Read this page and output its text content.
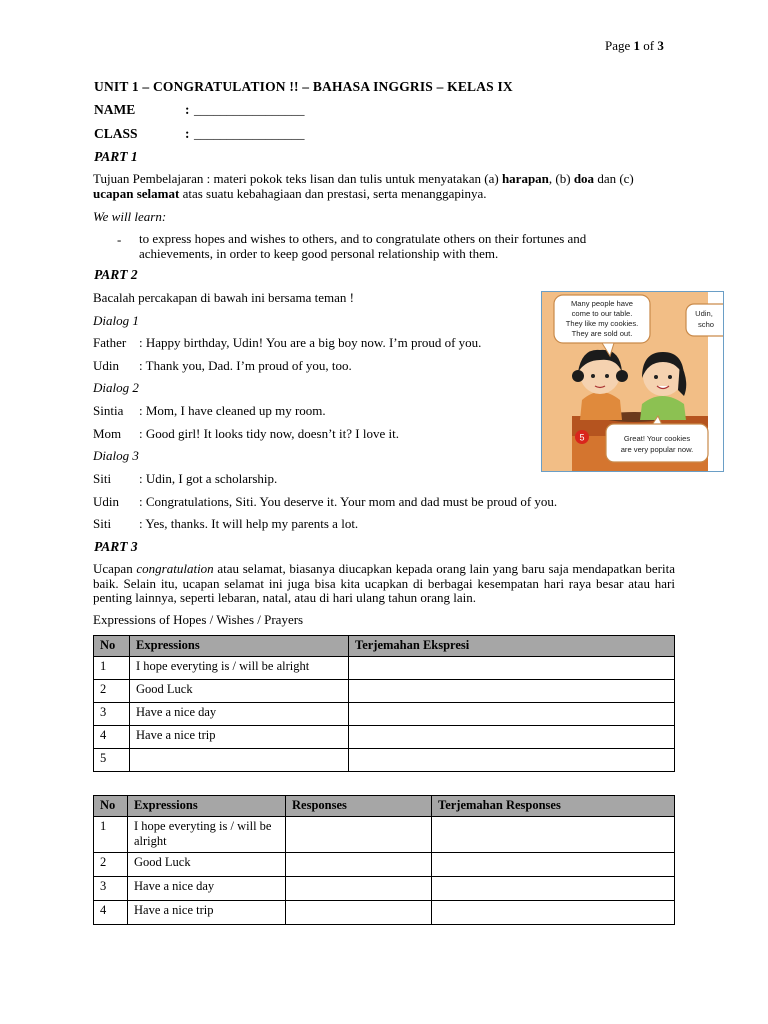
Page 1 of 3
UNIT 1 – CONGRATULATION !! – BAHASA INGGRIS – KELAS IX
NAME	: _________________
CLASS	: _________________
PART 1
Tujuan Pembelajaran : materi pokok teks lisan dan tulis untuk menyatakan (a) harapan, (b) doa dan (c) ucapan selamat atas suatu kebahagiaan dan prestasi, serta menanggapinya.
We will learn:
- to express hopes and wishes to others, and to congratulate others on their fortunes and achievements, in order to keep good personal relationship with them.
PART 2
Bacalah percakapan di bawah ini bersama teman !
Dialog 1
Father : Happy birthday, Udin! You are a big boy now. I’m proud of you.
Udin : Thank you, Dad. I’m proud of you, too.
Dialog 2
Sintia : Mom, I have cleaned up my room.
Mom : Good girl! It looks tidy now, doesn’t it? I love it.
Dialog 3
Siti : Udin, I got a scholarship.
Udin : Congratulations, Siti. You deserve it. Your mom and dad must be proud of you.
Siti : Yes, thanks. It will help my parents a lot.
Many people have
come to our table.
They like my cookies.
They are sold out.
Udin,
scho
Great! Your cookies
are very popular now.
5
PART 3
Ucapan congratulation atau selamat, biasanya diucapkan kepada orang lain yang baru saja mendapatkan berita baik. Selain itu, ucapan selamat ini juga bisa kita ucapkan di berbagai kesempatan hari raya besar atau hari penting lainnya, seperti lebaran, natal, atau di hari ulang tahun orang lain.
Expressions of Hopes / Wishes / Prayers
No	Expressions	Terjemahan Ekspresi
1	I hope everyting is / will be alright	
2	Good Luck	
3	Have a nice day	
4	Have a nice trip	
5		
No	Expressions	Responses	Terjemahan Responses
1	I hope everyting is / will be alright		
2	Good Luck		
3	Have a nice day		
4	Have a nice trip		
